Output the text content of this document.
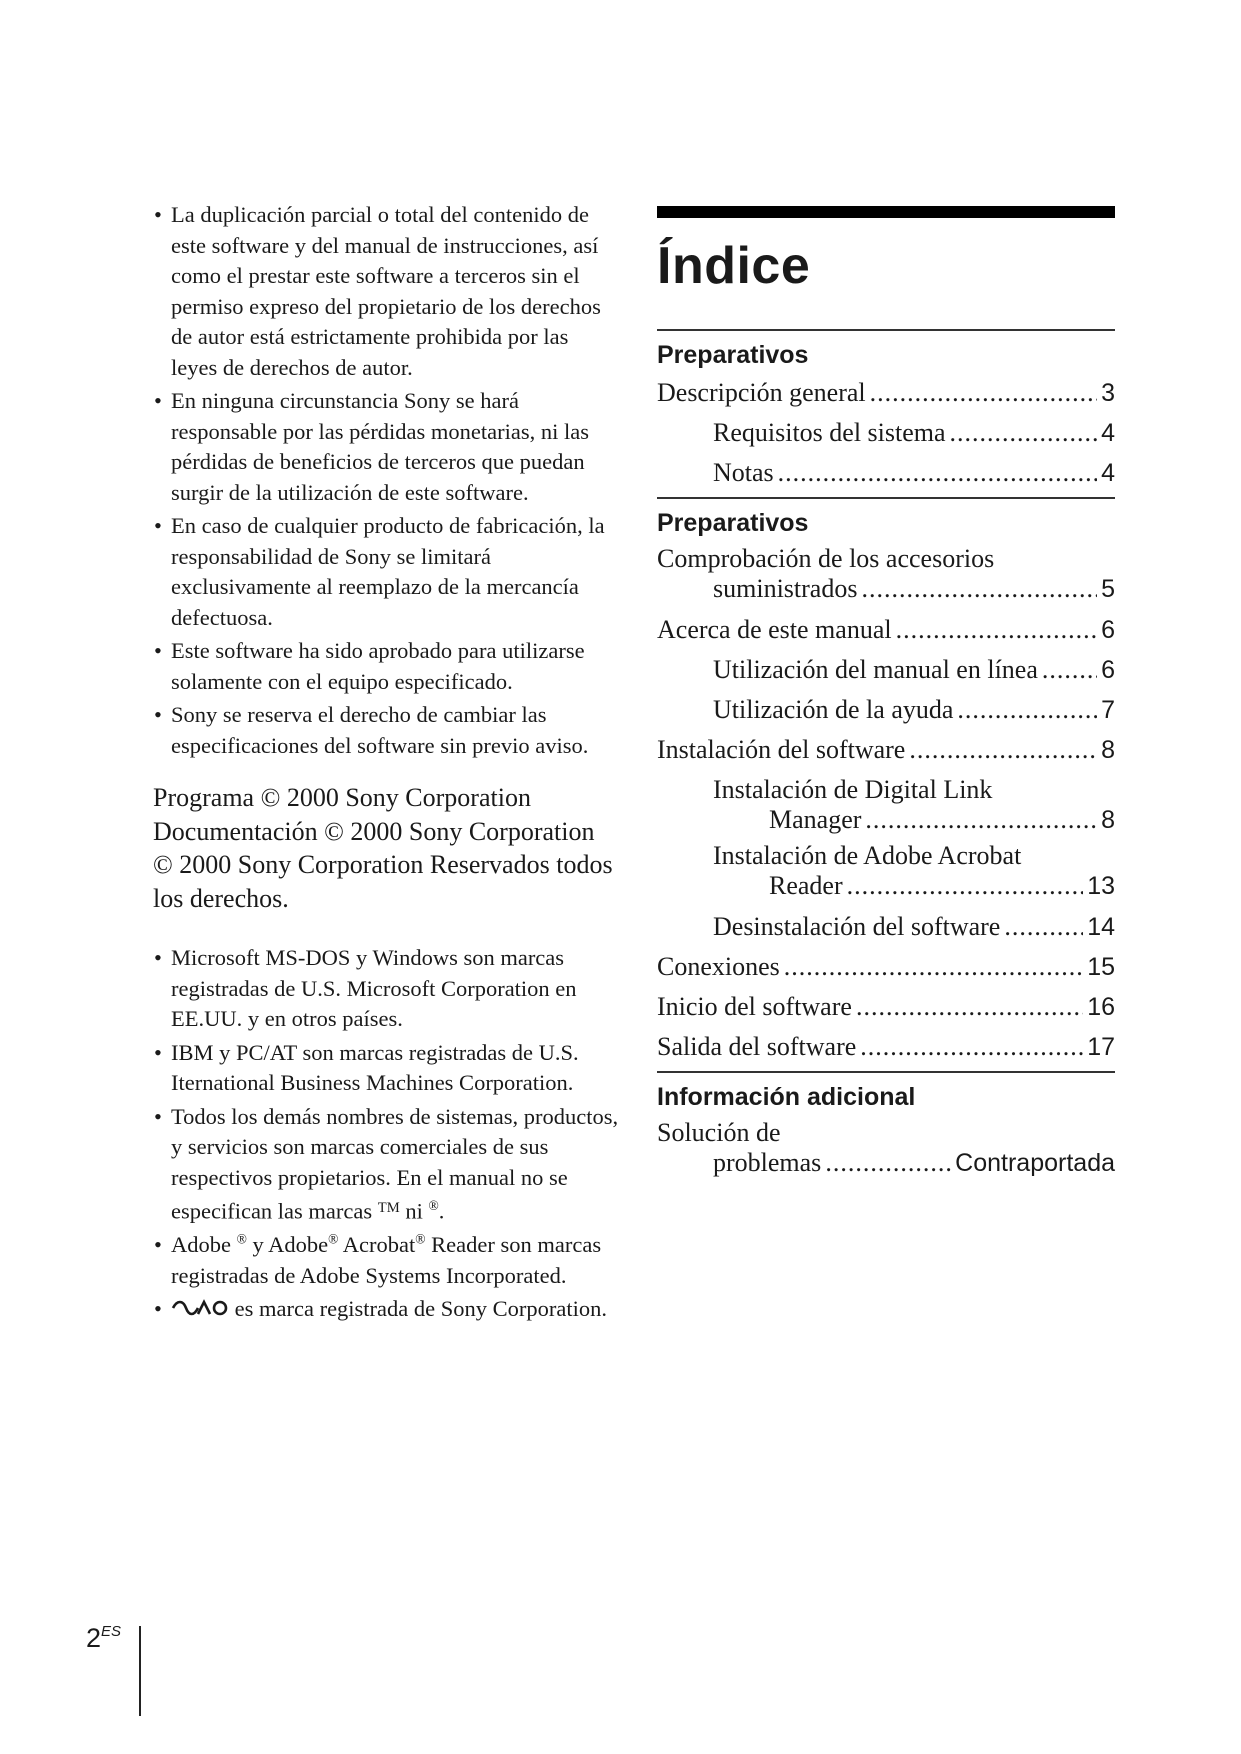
• La duplicación parcial o total del contenido de este software y del manual de instrucciones, así como el prestar este software a terceros sin el permiso expreso del propietario de los derechos de autor está estrictamente prohibida por las leyes de derechos de autor.
• En ninguna circunstancia Sony se hará responsable por las pérdidas monetarias, ni las pérdidas de beneficios de terceros que puedan surgir de la utilización de este software.
• En caso de cualquier producto de fabricación, la responsabilidad de Sony se limitará exclusivamente al reemplazo de la mercancía defectuosa.
• Este software ha sido aprobado para utilizarse solamente con el equipo especificado.
• Sony se reserva el derecho de cambiar las especificaciones del software sin previo aviso.

Programa © 2000 Sony Corporation

Documentación © 2000 Sony Corporation

© 2000 Sony Corporation Reservados todos los derechos.

• Microsoft MS-DOS y Windows son marcas registradas de U.S. Microsoft Corporation en EE.UU. y en otros países.
• IBM y PC/AT son marcas registradas de U.S. Iternational Business Machines Corporation.
• Todos los demás nombres de sistemas, productos, y servicios son marcas comerciales de sus respectivos propietarios. En el manual no se especifican las marcas ™ ni ®.
• Adobe ® y Adobe® Acrobat® Reader son marcas registradas de Adobe Systems Incorporated.
•	es marca registrada de Sony Corporation.
$2^{ES}$
Índice
Preparativos
Descripción general .....	3
Requisitos del sistema .....	4
Notas .....	4
Preparativos
Comprobación de los accesorios
suministrados .....	5
Acerca de este manual .....	6
Utilización del manual en línea .....	6
Utilización de la ayuda .....	7
Instalación del software .....	8
Instalación de Digital Link
Manager .....	8
Instalación de Adobe Acrobat
Reader .....	13
Desinstalación del software .....	14
Conexiones .....	15
Inicio del software .....	16
Salida del software .....	17
Información adicional
Solución de
problemas .....	Contraportada
